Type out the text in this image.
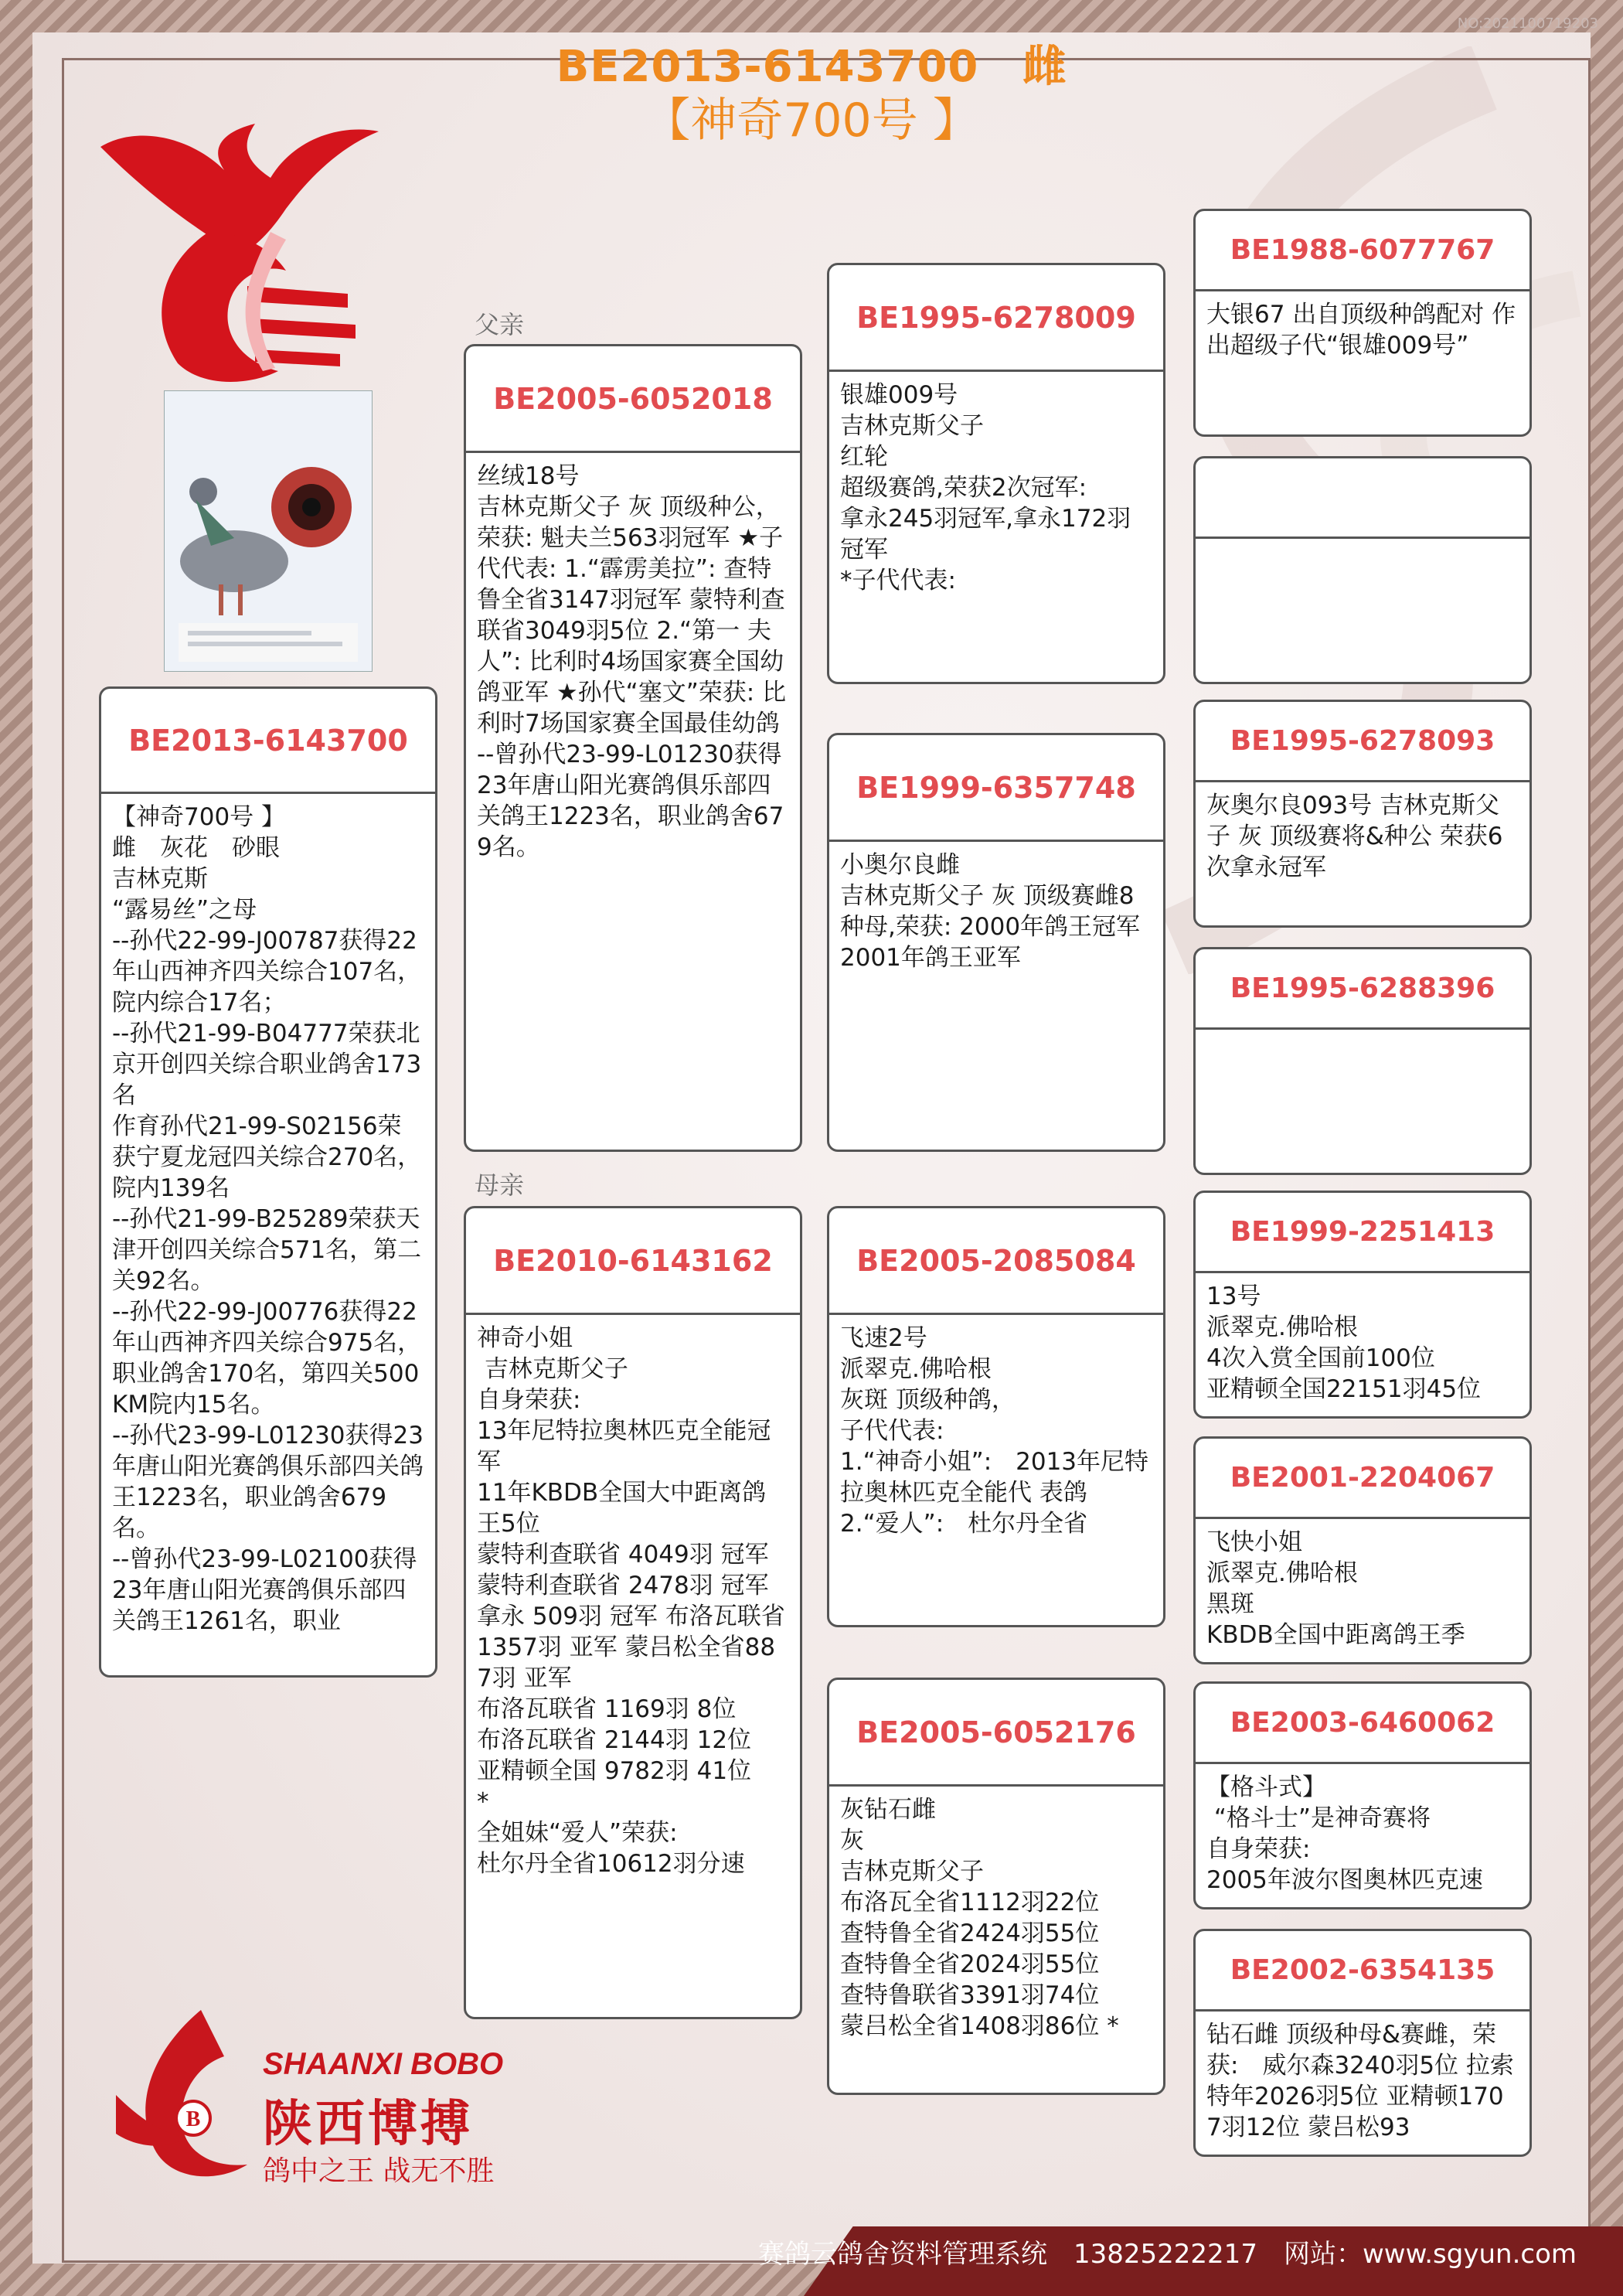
NO:2021100719203
BE2013-6143700　雌
【神奇700号 】
父亲
母亲
BE2013-6143700
【神奇700号 】
雌　灰花　砂眼
吉林克斯
“露易丝”之母
--孙代22-99-J00787获得22年山西神齐四关综合107名，院内综合17名；
--孙代21-99-B04777荣获北京开创四关综合职业鸽舍173名
作育孙代21-99-S02156荣获宁夏龙冠四关综合270名，院内139名
--孙代21-99-B25289荣获天津开创四关综合571名，第二关92名。
--孙代22-99-J00776获得22年山西神齐四关综合975名，职业鸽舍170名，第四关500KM院内15名。
--孙代23-99-L01230获得23年唐山阳光赛鸽俱乐部四关鸽王1223名，职业鸽舍679名。
--曾孙代23-99-L02100获得23年唐山阳光赛鸽俱乐部四关鸽王1261名，职业
BE2005-6052018
丝绒18号
吉林克斯父子 灰 顶级种公，荣获: 魁夫兰563羽冠军 ★子代代表: 1.“霹雳美拉”: 查特鲁全省3147羽冠军 蒙特利查联省3049羽5位 2.“第一 夫人”: 比利时4场国家赛全国幼鸽亚军 ★孙代“塞文”荣获: 比利时7场国家赛全国最佳幼鸽
--曾孙代23-99-L01230获得23年唐山阳光赛鸽俱乐部四关鸽王1223名，职业鸽舍679名。
BE2010-6143162
神奇小姐
吉林克斯父子
自身荣获:
13年尼特拉奥林匹克全能冠军
11年KBDB全国大中距离鸽王5位
蒙特利查联省 4049羽 冠军
蒙特利查联省 2478羽 冠军
拿永 509羽 冠军 布洛瓦联省
1357羽 亚军 蒙吕松全省887羽 亚军
布洛瓦联省 1169羽 8位
布洛瓦联省 2144羽 12位
亚精顿全国 9782羽 41位
*
全姐妹“爱人”荣获:
杜尔丹全省10612羽分速
BE1995-6278009
银雄009号
吉林克斯父子
红轮
超级赛鸽,荣获2次冠军:
拿永245羽冠军,拿永172羽冠军
*子代代表:
BE1999-6357748
小奥尔良雌
吉林克斯父子 灰 顶级赛雌8种母,荣获: 2000年鸽王冠军 2001年鸽王亚军
BE2005-2085084
飞速2号
派翠克.佛哈根
灰斑 顶级种鸽，
子代代表:
1.“神奇小姐”:　2013年尼特拉奥林匹克全能代 表鸽
2.“爱人”:　杜尔丹全省
BE2005-6052176
灰钻石雌
灰
吉林克斯父子
布洛瓦全省1112羽22位
查特鲁全省2424羽55位
查特鲁全省2024羽55位
查特鲁联省3391羽74位
蒙吕松全省1408羽86位 *
BE1988-6077767
大银67 出自顶级种鸽配对 作出超级子代“银雄009号”
BE1995-6278093
灰奥尔良093号 吉林克斯父子 灰 顶级赛将&种公 荣获6次拿永冠军
BE1995-6288396
BE1999-2251413
13号
派翠克.佛哈根
4次入赏全国前100位
亚精顿全国22151羽45位
BE2001-2204067
飞快小姐
派翠克.佛哈根
黑斑
KBDB全国中距离鸽王季
BE2003-6460062
【格斗式】
“格斗士”是神奇赛将
自身荣获:
2005年波尔图奥林匹克速
BE2002-6354135
钻石雌 顶级种母&赛雌，荣获:　威尔森3240羽5位 拉索特年2026羽5位 亚精顿1707羽12位 蒙吕松93
B
SHAANXI BOBO
陕西博搏
鸽中之王 战无不胜
赛鸽云鸽舍资料管理系统　13825222217　网站：www.sgyun.com
